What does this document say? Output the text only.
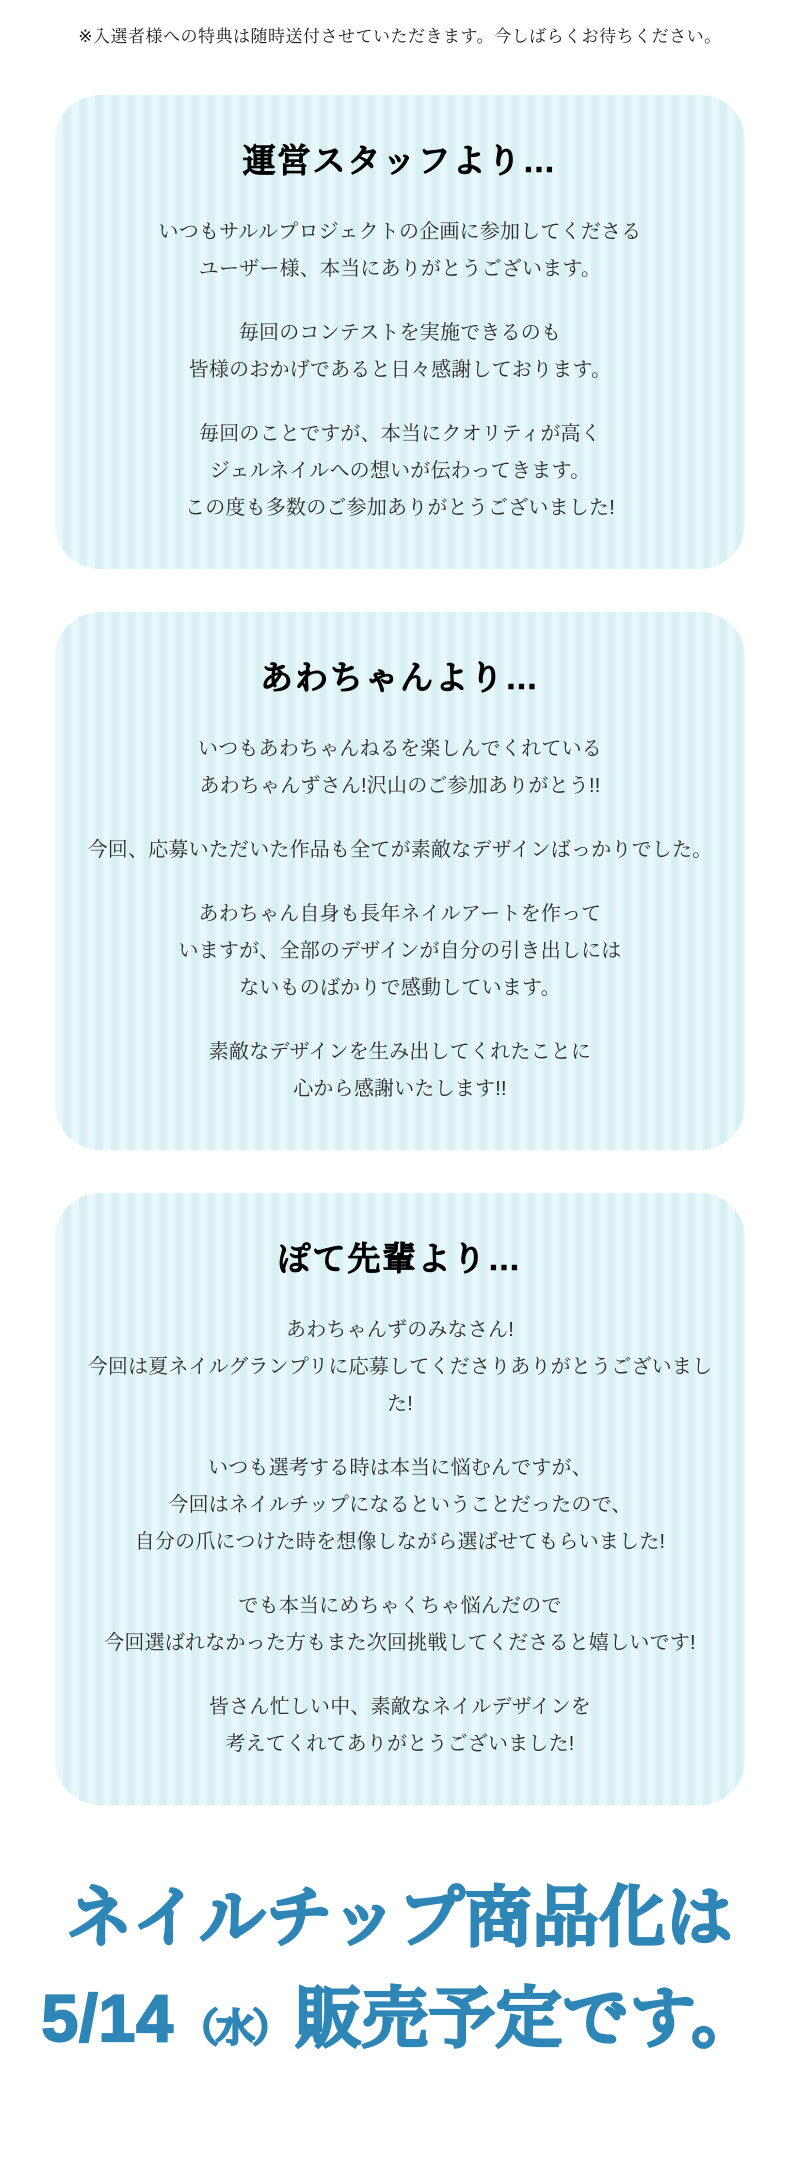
※入選者様への特典は随時送付させていただきます。今しばらくお待ちください。

運営スタッフより…

いつもサルルプロジェクトの企画に参加してくださる
ユーザー様、本当にありがとうございます。

毎回のコンテストを実施できるのも
皆様のおかげであると日々感謝しております。

毎回のことですが、本当にクオリティが高く
ジェルネイルへの想いが伝わってきます。
この度も多数のご参加ありがとうございました!

あわちゃんより…

いつもあわちゃんねるを楽しんでくれている
あわちゃんずさん!沢山のご参加ありがとう!!

今回、応募いただいた作品も全てが素敵なデザインばっかりでした。

あわちゃん自身も長年ネイルアートを作って
いますが、全部のデザインが自分の引き出しには
ないものばかりで感動しています。

素敵なデザインを生み出してくれたことに
心から感謝いたします!!

ぽて先輩より…

あわちゃんずのみなさん!
今回は夏ネイルグランプリに応募してくださりありがとうございました!

いつも選考する時は本当に悩むんですが、
今回はネイルチップになるということだったので、
自分の爪につけた時を想像しながら選ばせてもらいました!

でも本当にめちゃくちゃ悩んだので
今回選ばれなかった方もまた次回挑戦してくださると嬉しいです!

皆さん忙しい中、素敵なネイルデザインを
考えてくれてありがとうございました!

ネイルチップ商品化は
5/14 （水）販売予定です。
